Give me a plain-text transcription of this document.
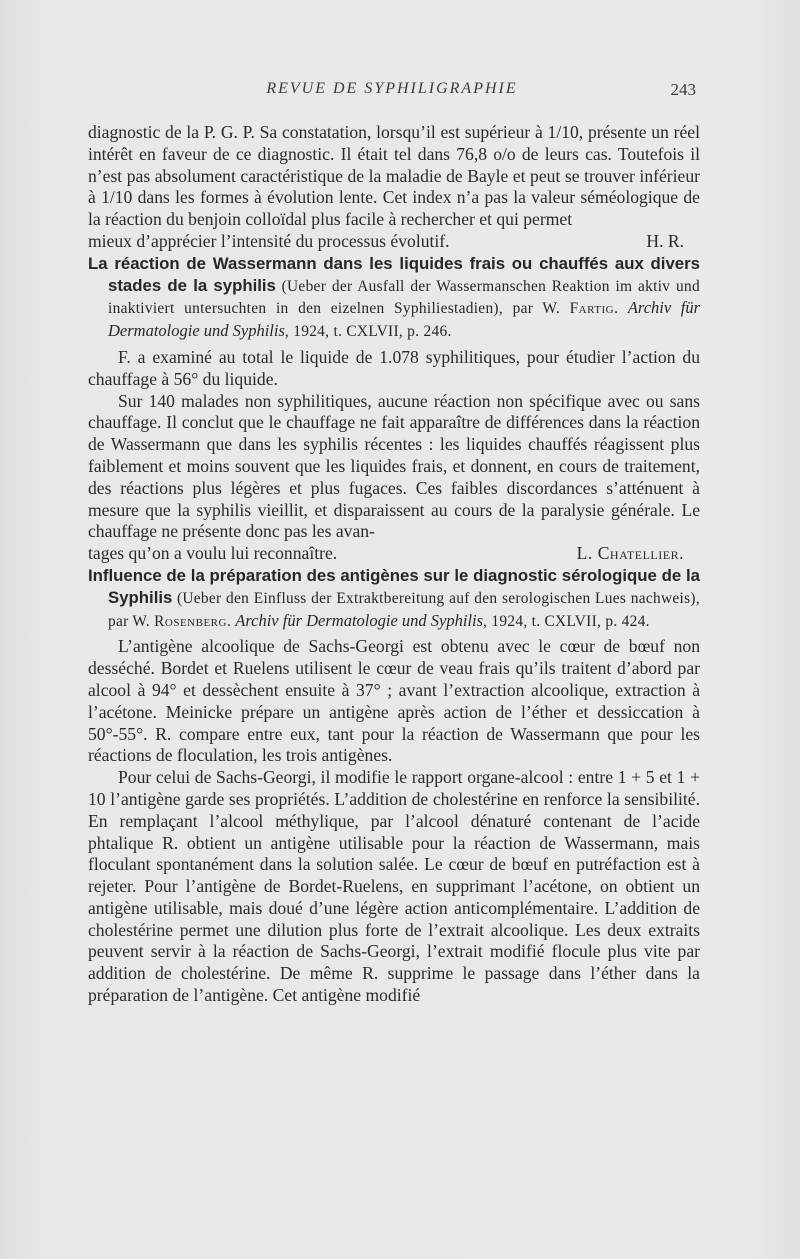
REVUE DE SYPHILIGRAPHIE	243

diagnostic de la P. G. P. Sa constatation, lorsqu’il est supérieur à 1/10, présente un réel intérêt en faveur de ce diagnostic. Il était tel dans 76,8 o/o de leurs cas. Toutefois il n’est pas absolument caractéristique de la maladie de Bayle et peut se trouver inférieur à 1/10 dans les formes à évolution lente. Cet index n’a pas la valeur séméologique de la réaction du benjoin colloïdal plus facile à rechercher et qui permet

mieux d’apprécier l’intensité du processus évolutif.	H. R.

La réaction de Wassermann dans les liquides frais ou chauffés aux divers stades de la syphilis (Ueber der Ausfall der Wassermanschen Reaktion im aktiv und inaktiviert untersuchten in den eizelnen Syphiliestadien), par W. Fartig. Archiv für Dermatologie und Syphilis, 1924, t. CXLVII, p. 246.

F. a examiné au total le liquide de 1.078 syphilitiques, pour étudier l’action du chauffage à 56° du liquide.

Sur 140 malades non syphilitiques, aucune réaction non spécifique avec ou sans chauffage. Il conclut que le chauffage ne fait apparaître de différences dans la réaction de Wassermann que dans les syphilis récentes : les liquides chauffés réagissent plus faiblement et moins souvent que les liquides frais, et donnent, en cours de traitement, des réactions plus légères et plus fugaces. Ces faibles discordances s’atténuent à mesure que la syphilis vieillit, et disparaissent au cours de la paralysie générale. Le chauffage ne présente donc pas les avan-

tages qu’on a voulu lui reconnaître.	L. Chatellier.

Influence de la préparation des antigènes sur le diagnostic sérologique de la Syphilis (Ueber den Einfluss der Extraktbereitung auf den serologischen Lues nachweis), par W. Rosenberg. Archiv für Dermatologie und Syphilis, 1924, t. CXLVII, p. 424.

L’antigène alcoolique de Sachs-Georgi est obtenu avec le cœur de bœuf non desséché. Bordet et Ruelens utilisent le cœur de veau frais qu’ils traitent d’abord par alcool à 94° et dessèchent ensuite à 37° ; avant l’extraction alcoolique, extraction à l’acétone. Meinicke prépare un antigène après action de l’éther et dessiccation à 50°-55°. R. compare entre eux, tant pour la réaction de Wassermann que pour les réactions de floculation, les trois antigènes.

Pour celui de Sachs-Georgi, il modifie le rapport organe-alcool : entre 1 + 5 et 1 + 10 l’antigène garde ses propriétés. L’addition de cholestérine en renforce la sensibilité. En remplaçant l’alcool méthylique, par l’alcool dénaturé contenant de l’acide phtalique R. obtient un antigène utilisable pour la réaction de Wassermann, mais floculant spontanément dans la solution salée. Le cœur de bœuf en putréfaction est à rejeter. Pour l’antigène de Bordet-Ruelens, en supprimant l’acétone, on obtient un antigène utilisable, mais doué d’une légère action anticomplémentaire. L’addition de cholestérine permet une dilution plus forte de l’extrait alcoolique. Les deux extraits peuvent servir à la réaction de Sachs-Georgi, l’extrait modifié flocule plus vite par addition de cholestérine. De même R. supprime le passage dans l’éther dans la préparation de l’antigène. Cet antigène modifié
